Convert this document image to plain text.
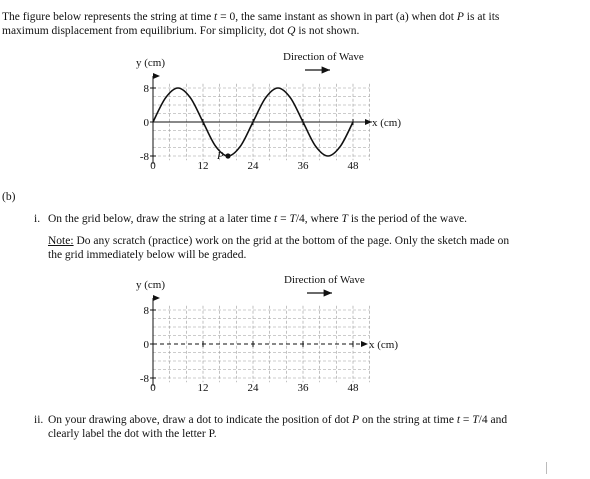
The figure below represents the string at time t = 0, the same instant as shown in part (a) when dot P is at its
maximum displacement from equilibrium. For simplicity, dot Q is not shown.
(b)
i. On the grid below, draw the string at a later time t = T/4, where T is the period of the wave.
Note: Do any scratch (practice) work on the grid at the bottom of the page. Only the sketch made on
the grid immediately below will be graded.
ii. On your drawing above, draw a dot to indicate the position of dot P on the string at time t = T/4 and
clearly label the dot with the letter P.
y (cm)
x (cm)
Direction of Wave
0	12	24	36	48
8
0
-8	P
y (cm)
x (cm)
Direction of Wave
0	12	24	36	48
8
0
-8
